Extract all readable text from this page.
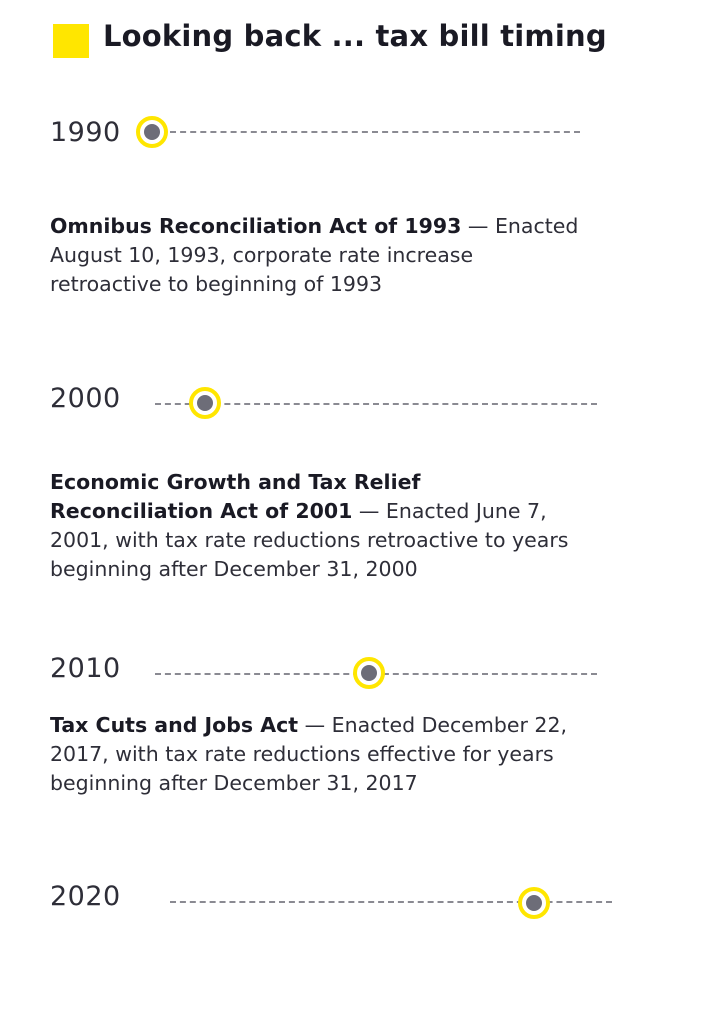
Looking back ... tax bill timing
1990
Omnibus Reconciliation Act of 1993 — Enacted August 10, 1993, corporate rate increase retroactive to beginning of 1993
2000
Economic Growth and Tax Relief Reconciliation Act of 2001 — Enacted June 7, 2001, with tax rate reductions retroactive to years beginning after December 31, 2000
2010
Tax Cuts and Jobs Act — Enacted December 22, 2017, with tax rate reductions effective for years beginning after December 31, 2017
2020
